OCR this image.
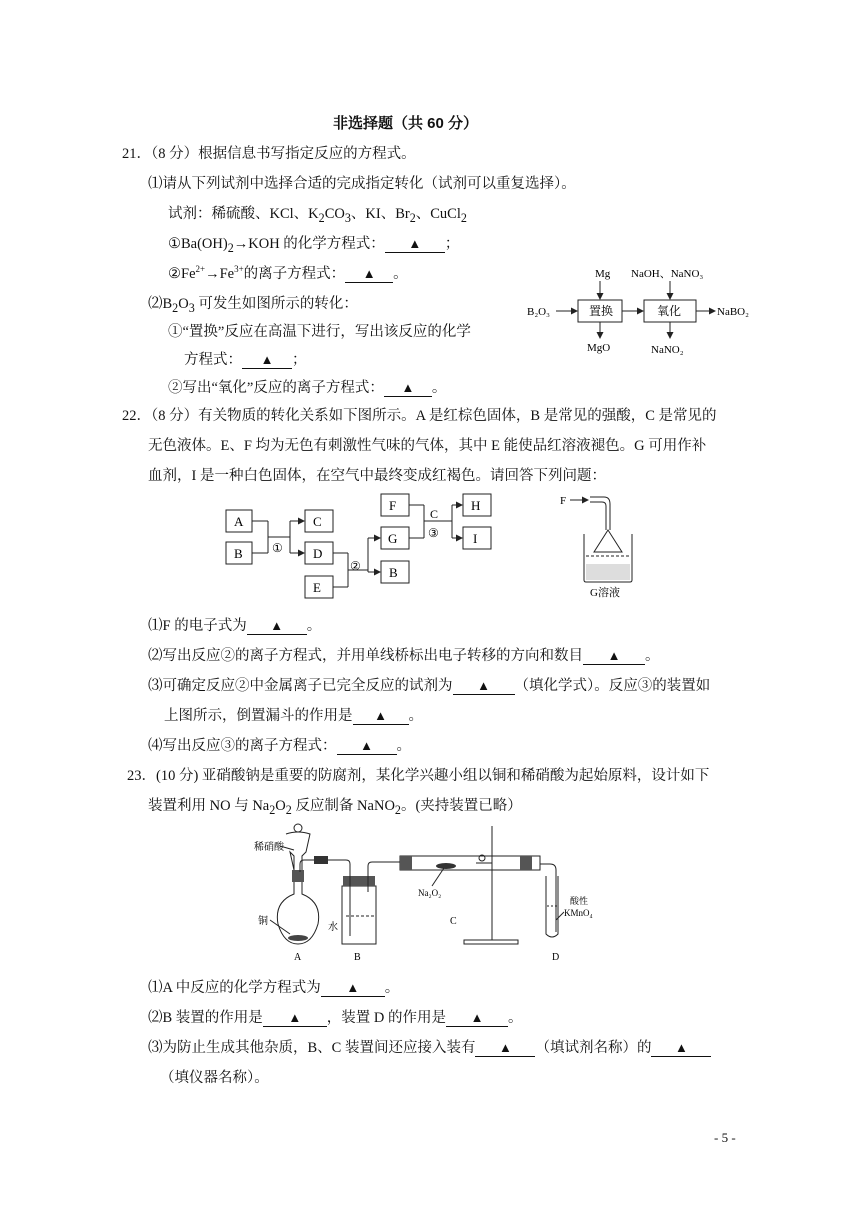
非选择题（共 60 分）
21．（8 分）根据信息书写指定反应的方程式。
⑴请从下列试剂中选择合适的完成指定转化（试剂可以重复选择）。
试剂：稀硫酸、KCl、$K_2CO_3$、KI、$Br_2$、CuCl$_2$
$①Ba(OH)_2\to KOH$ 的化学方程式： ▲ ；
$②Fe^{2+}\to Fe^{3+}$的离子方程式： ▲ 。
$⑵B_2O_3$ 可发生如图所示的转化：
①“置换”反应在高温下进行，写出该反应的化学
方程式： ▲ ；
②写出“氧化”反应的离子方程式： ▲ 。
B₂O₃	置换
Mg
MgO
氧化
NaOH、NaNO₃
NaNO₂
NaBO₂
22．（8 分）有关物质的转化关系如下图所示。A 是红棕色固体，B 是常见的强酸，C 是常见的
无色液体。E、F 均为无色有刺激性气味的气体，其中 E 能使品红溶液褪色。G 可用作补
血剂，I 是一种白色固体，在空气中最终变成红褐色。请回答下列问题：
A
B ①
C
D
E
②
F
G
B
C
③
H
I
F
G溶液
⑴F 的电子式为 ▲ 。
⑵写出反应②的离子方程式，并用单线桥标出电子转移的方向和数目 ▲ 。
⑶可确定反应②中金属离子已完全反应的试剂为 ▲ （填化学式）。反应③的装置如
上图所示，倒置漏斗的作用是 ▲ 。
⑷写出反应③的离子方程式： ▲ 。
23．(10 分) 亚硝酸钠是重要的防腐剂，某化学兴趣小组以铜和稀硝酸为起始原料，设计如下
装置利用 NO 与 $Na_2O_2$ 反应制备 NaNO$_2$。(夹持装置已略）
稀硝酸
铜
A
水
B
Na₂O₂
C
酸性
KMnO₄
D
⑴A 中反应的化学方程式为 ▲ 。
⑵B 装置的作用是 ▲ ，装置 D 的作用是 ▲ 。
⑶为防止生成其他杂质，B、C 装置间还应接入装有 ▲ （填试剂名称）的 ▲
（填仪器名称）。
- 5 -
